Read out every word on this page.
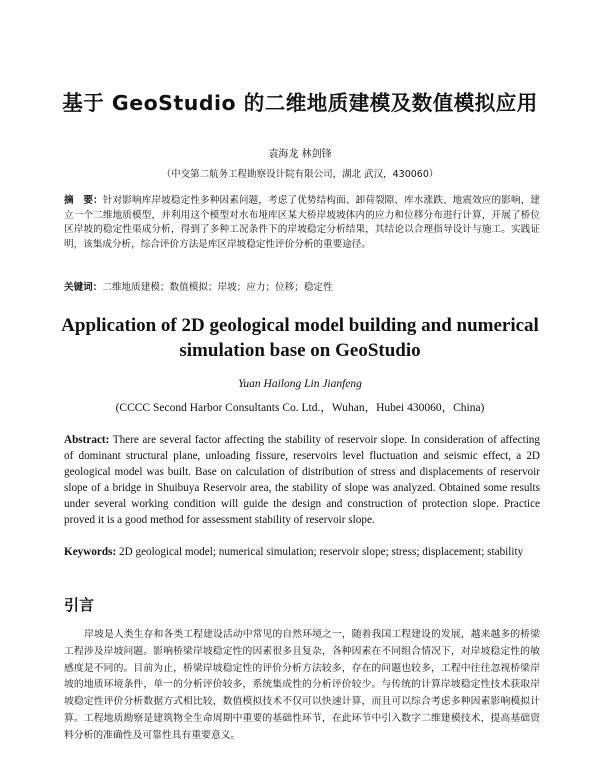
基于 GeoStudio 的二维地质建模及数值模拟应用
袁海龙 林剑锋
（中交第二航务工程勘察设计院有限公司，湖北 武汉，430060）
摘　要：针对影响库岸坡稳定性多种因素问题，考虑了优势结构面、卸荷裂隙、库水涨跌、地震效应的影响，建立一个二维地质模型，并利用这个模型对水布垭库区某大桥岸坡坡体内的应力和位移分布进行计算，开展了桥位区岸坡的稳定性渠成分析，得到了多种工况条件下的岸坡稳定分析结果，其结论以合理指导设计与施工。实践证明，该集成分析，综合评价方法是库区岸坡稳定性评价分析的重要途径。
关键词：二维地质建模；数值模拟；岸坡；应力；位移；稳定性
Application of 2D geological model building and numerical simulation base on GeoStudio
Yuan Hailong Lin Jianfeng
(CCCC Second Harbor Consultants Co. Ltd.，Wuhan，Hubei 430060，China)
Abstract: There are several factor affecting the stability of reservoir slope. In consideration of affecting of dominant structural plane, unloading fissure, reservoirs level fluctuation and seismic effect, a 2D geological model was built. Base on calculation of distribution of stress and displacements of reservoir slope of a bridge in Shuibuya Reservoir area, the stability of slope was analyzed. Obtained some results under several working condition will guide the design and construction of protection slope. Practice proved it is a good method for assessment stability of reservoir slope.
Keywords: 2D geological model; numerical simulation; reservoir slope; stress; displacement; stability
引言
岸坡是人类生存和各类工程建设活动中常见的自然环境之一，随着我国工程建设的发展，越来越多的桥梁工程涉及岸坡问题。影响桥梁岸坡稳定性的因素很多且复杂，各种因素在不同组合情况下，对岸坡稳定性的敏感度是不同的。目前为止，桥梁岸坡稳定性的评价分析方法较多，存在的问题也较多，工程中往往忽视桥梁岸坡的地质环境条件，单一的分析评价较多，系统集成性的分析评价较少。与传统的计算岸坡稳定性技术获取岸坡稳定性评价分析数据方式相比较，数值模拟技术不仅可以快速计算，而且可以综合考虑多种因素影响模拟计算。工程地质勘察是建筑物全生命周期中重要的基础性环节，在此环节中引入数字二维建模技术，提高基础资料分析的准确性及可靠性具有重要意义。
